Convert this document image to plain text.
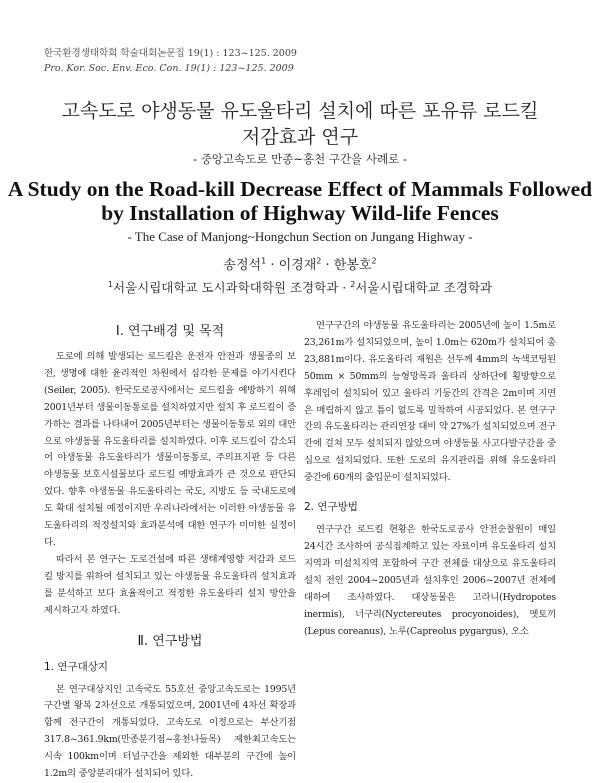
한국환경생태학회 학술대회논문집 19(1) : 123~125. 2009
Pro. Kor. Soc. Env. Eco. Con. 19(1) : 123~125. 2009
고속도로 야생동물 유도울타리 설치에 따른 포유류 로드킬
저감효과 연구
- 중앙고속도로 만종~홍천 구간을 사례로 -
A Study on the Road-kill Decrease Effect of Mammals Followed
by Installation of Highway Wild-life Fences
- The Case of Manjong~Hongchun Section on Jungang Highway -
송정석$^1$ · 이경재$^2$ · 한봉호$^2$
$^1$서울시립대학교 도시과학대학원 조경학과 · $^2$서울시립대학교 조경학과
Ⅰ. 연구배경 및 목적

도로에 의해 발생되는 로드킬은 운전자 안전과 생물종의 보전, 생명에 대한 윤리적인 차원에서 심각한 문제를 야기시킨다(Seiler, 2005). 한국도로공사에서는 로드킬을 예방하기 위해 2001년부터 생물이동통로를 설치하였지만 설치 후 로드킬이 증가하는 결과를 나타내어 2005년부터는 생물이동통로 외의 대안으로 야생동물 유도울타리를 설치하였다. 이후 로드킬이 감소되어 야생동물 유도울타리가 생물이동통로, 주의표지판 등 다른 야생동물 보호시설물보다 로드킬 예방효과가 큰 것으로 판단되었다. 향후 야생동물 유도울타리는 국도, 지방도 등 국내도로에도 확대 설치될 예정이지만 우리나라에서는 이러한 야생동물 유도울타리의 적정설치와 효과분석에 대한 연구가 미미한 실정이다.

따라서 본 연구는 도로건설에 따른 생태계영향 저감과 로드킬 방지를 위하여 설치되고 있는 야생동물 유도울타리 설치효과를 분석하고 보다 효율적이고 적정한 유도울타리 설치 방안을 제시하고자 하였다.

Ⅱ. 연구방법
1. 연구대상지

본 연구대상지인 고속국도 55호선 중앙고속도로는 1995년 구간별 왕복 2차선으로 개통되었으며, 2001년에 4차선 확장과 함께 전구간이 개통되었다. 고속도로 이정으로는 부산기점 317.8~361.9km(만종분기점~홍천나들목) 제한최고속도는 시속 100km이며 터널구간을 제외한 대부분의 구간에 높이 1.2m의 중앙분리대가 설치되어 있다.

연구구간의 야생동물 유도울타리는 2005년에 높이 1.5m로 23,261m가 설치되었으며, 높이 1.0m는 620m가 설치되어 총 23,881m이다. 유도울타리 재원은 선두께 4mm의 녹색코팅된 50mm × 50mm의 능형망목과 울타리 상하단에 횡방향으로 후레임이 설치되어 있고 울타리 기둥간의 간격은 2m이며 지면은 매립하지 않고 틈이 없도록 밀착하여 시공되었다. 본 연구구간의 유도울타리는 관리연장 대비 약 27%가 설치되었으며 전구간에 걸쳐 모두 설치되지 않았으며 야생동물 사고다발구간을 중심으로 설치되었다. 또한 도로의 유지관리를 위해 유도울타리 중간에 60개의 출입문이 설치되었다.

2. 연구방법

연구구간 로드킬 현황은 한국도로공사 안전순찰원이 매일 24시간 조사하여 공식집계하고 있는 자료이며 유도울타리 설치지역과 미설치지역 포함하여 구간 전체를 대상으로 유도울타리 설치 전인 2004~2005년과 설치후인 2006~2007년 전체에 대하여 조사하였다. 대상동물은 고라니(Hydropotes inermis), 너구리(Nyctereutes procyonoides), 멧토끼(Lepus coreanus), 노루(Capreolus pygargus), 오소
